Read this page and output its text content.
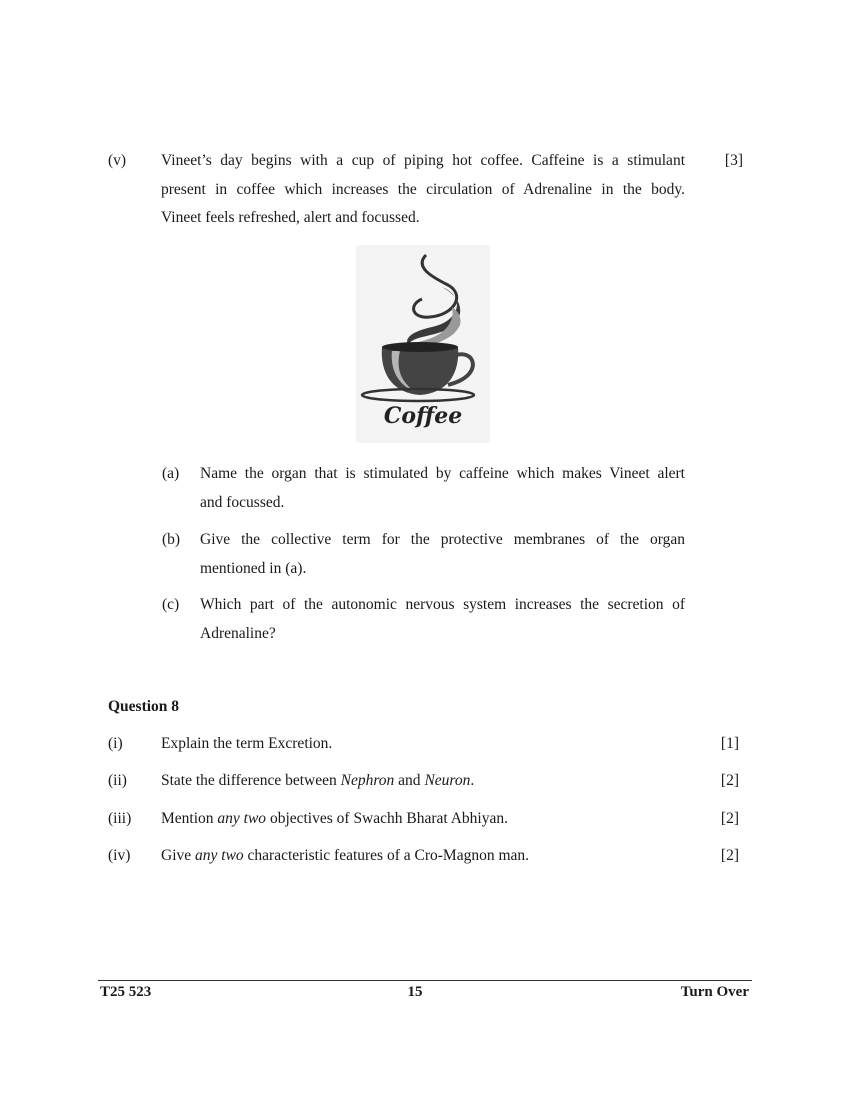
(v) Vineet’s day begins with a cup of piping hot coffee. Caffeine is a stimulant
present in coffee which increases the circulation of Adrenaline in the body.
Vineet feels refreshed, alert and focussed.
[3]
Coffee
(a) Name the organ that is stimulated by caffeine which makes Vineet alert
and focussed.
(b) Give the collective term for the protective membranes of the organ
mentioned in (a).
(c) Which part of the autonomic nervous system increases the secretion of
Adrenaline?
Question 8
(i) Explain the term Excretion.	[1]
(ii) State the difference between Nephron and Neuron.	[2]
(iii) Mention any two objectives of Swachh Bharat Abhiyan.	[2]
(iv) Give any two characteristic features of a Cro-Magnon man.	[2]
T25 523	15	Turn Over
